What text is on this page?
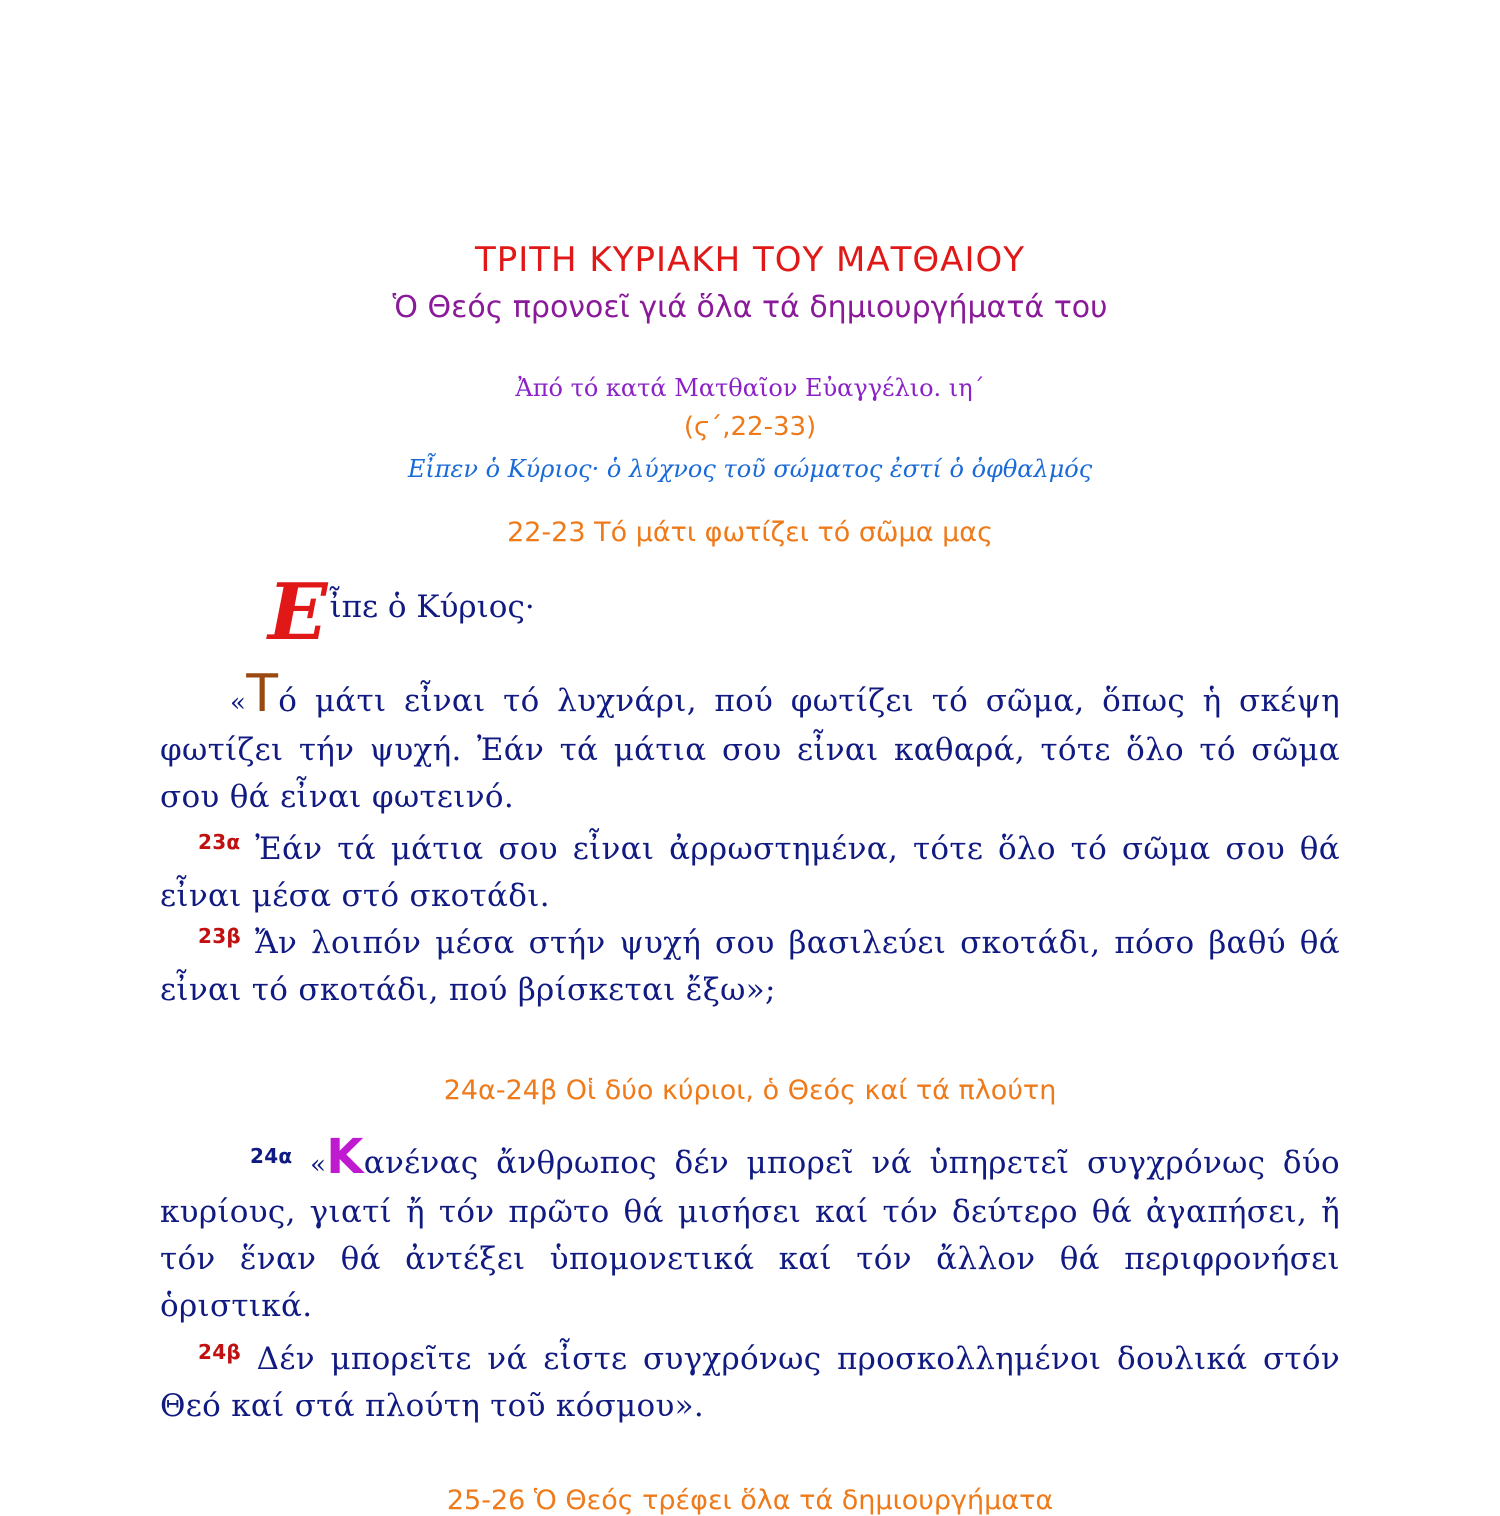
ΤΡΙΤΗ ΚΥΡΙΑΚΗ ΤΟΥ ΜΑΤΘΑΙΟΥ
Ὁ Θεός προνοεῖ γιά ὅλα τά δημιουργήματά του
Ἀπό τό κατά Ματθαῖον Εὐαγγέλιο. ιη΄
(ϛ΄,22-33)
Εἶπεν ὁ Κύριος· ὁ λύχνος τοῦ σώματος ἐστί ὁ ὀφθαλμός
22-23 Τό μάτι φωτίζει τό σῶμα μας
Εἶπε ὁ Κύριος·
«Τό μάτι εἶναι τό λυχνάρι, πού φωτίζει τό σῶμα, ὅπως ἡ σκέψη φωτίζει τήν ψυχή. Ἐάν τά μάτια σου εἶναι καθαρά, τότε ὅλο τό σῶμα σου θά εἶναι φωτεινό.
$^{23\alpha}$ Ἐάν τά μάτια σου εἶναι ἀρρωστημένα, τότε ὅλο τό σῶμα σου θά εἶναι μέσα στό σκοτάδι.
$^{23\beta}$ Ἄν λοιπόν μέσα στήν ψυχή σου βασιλεύει σκοτάδι, πόσο βαθύ θά εἶναι τό σκοτάδι, πού βρίσκεται ἔξω»;
24α-24β Οἱ δύο κύριοι, ὁ Θεός καί τά πλούτη
$^{24\alpha}$ «Κανένας ἄνθρωπος δέν μπορεῖ νά ὑπηρετεῖ συγχρόνως δύο κυρίους, γιατί ἤ τόν πρῶτο θά μισήσει καί τόν δεύτερο θά ἀγαπήσει, ἤ τόν ἕναν θά ἀντέξει ὑπομονετικά καί τόν ἄλλον θά περιφρονήσει ὁριστικά.
$^{24\beta}$ Δέν μπορεῖτε νά εἶστε συγχρόνως προσκολλημένοι δουλικά στόν Θεό καί στά πλούτη τοῦ κόσμου».
25-26 Ὁ Θεός τρέφει ὅλα τά δημιουργήματα
